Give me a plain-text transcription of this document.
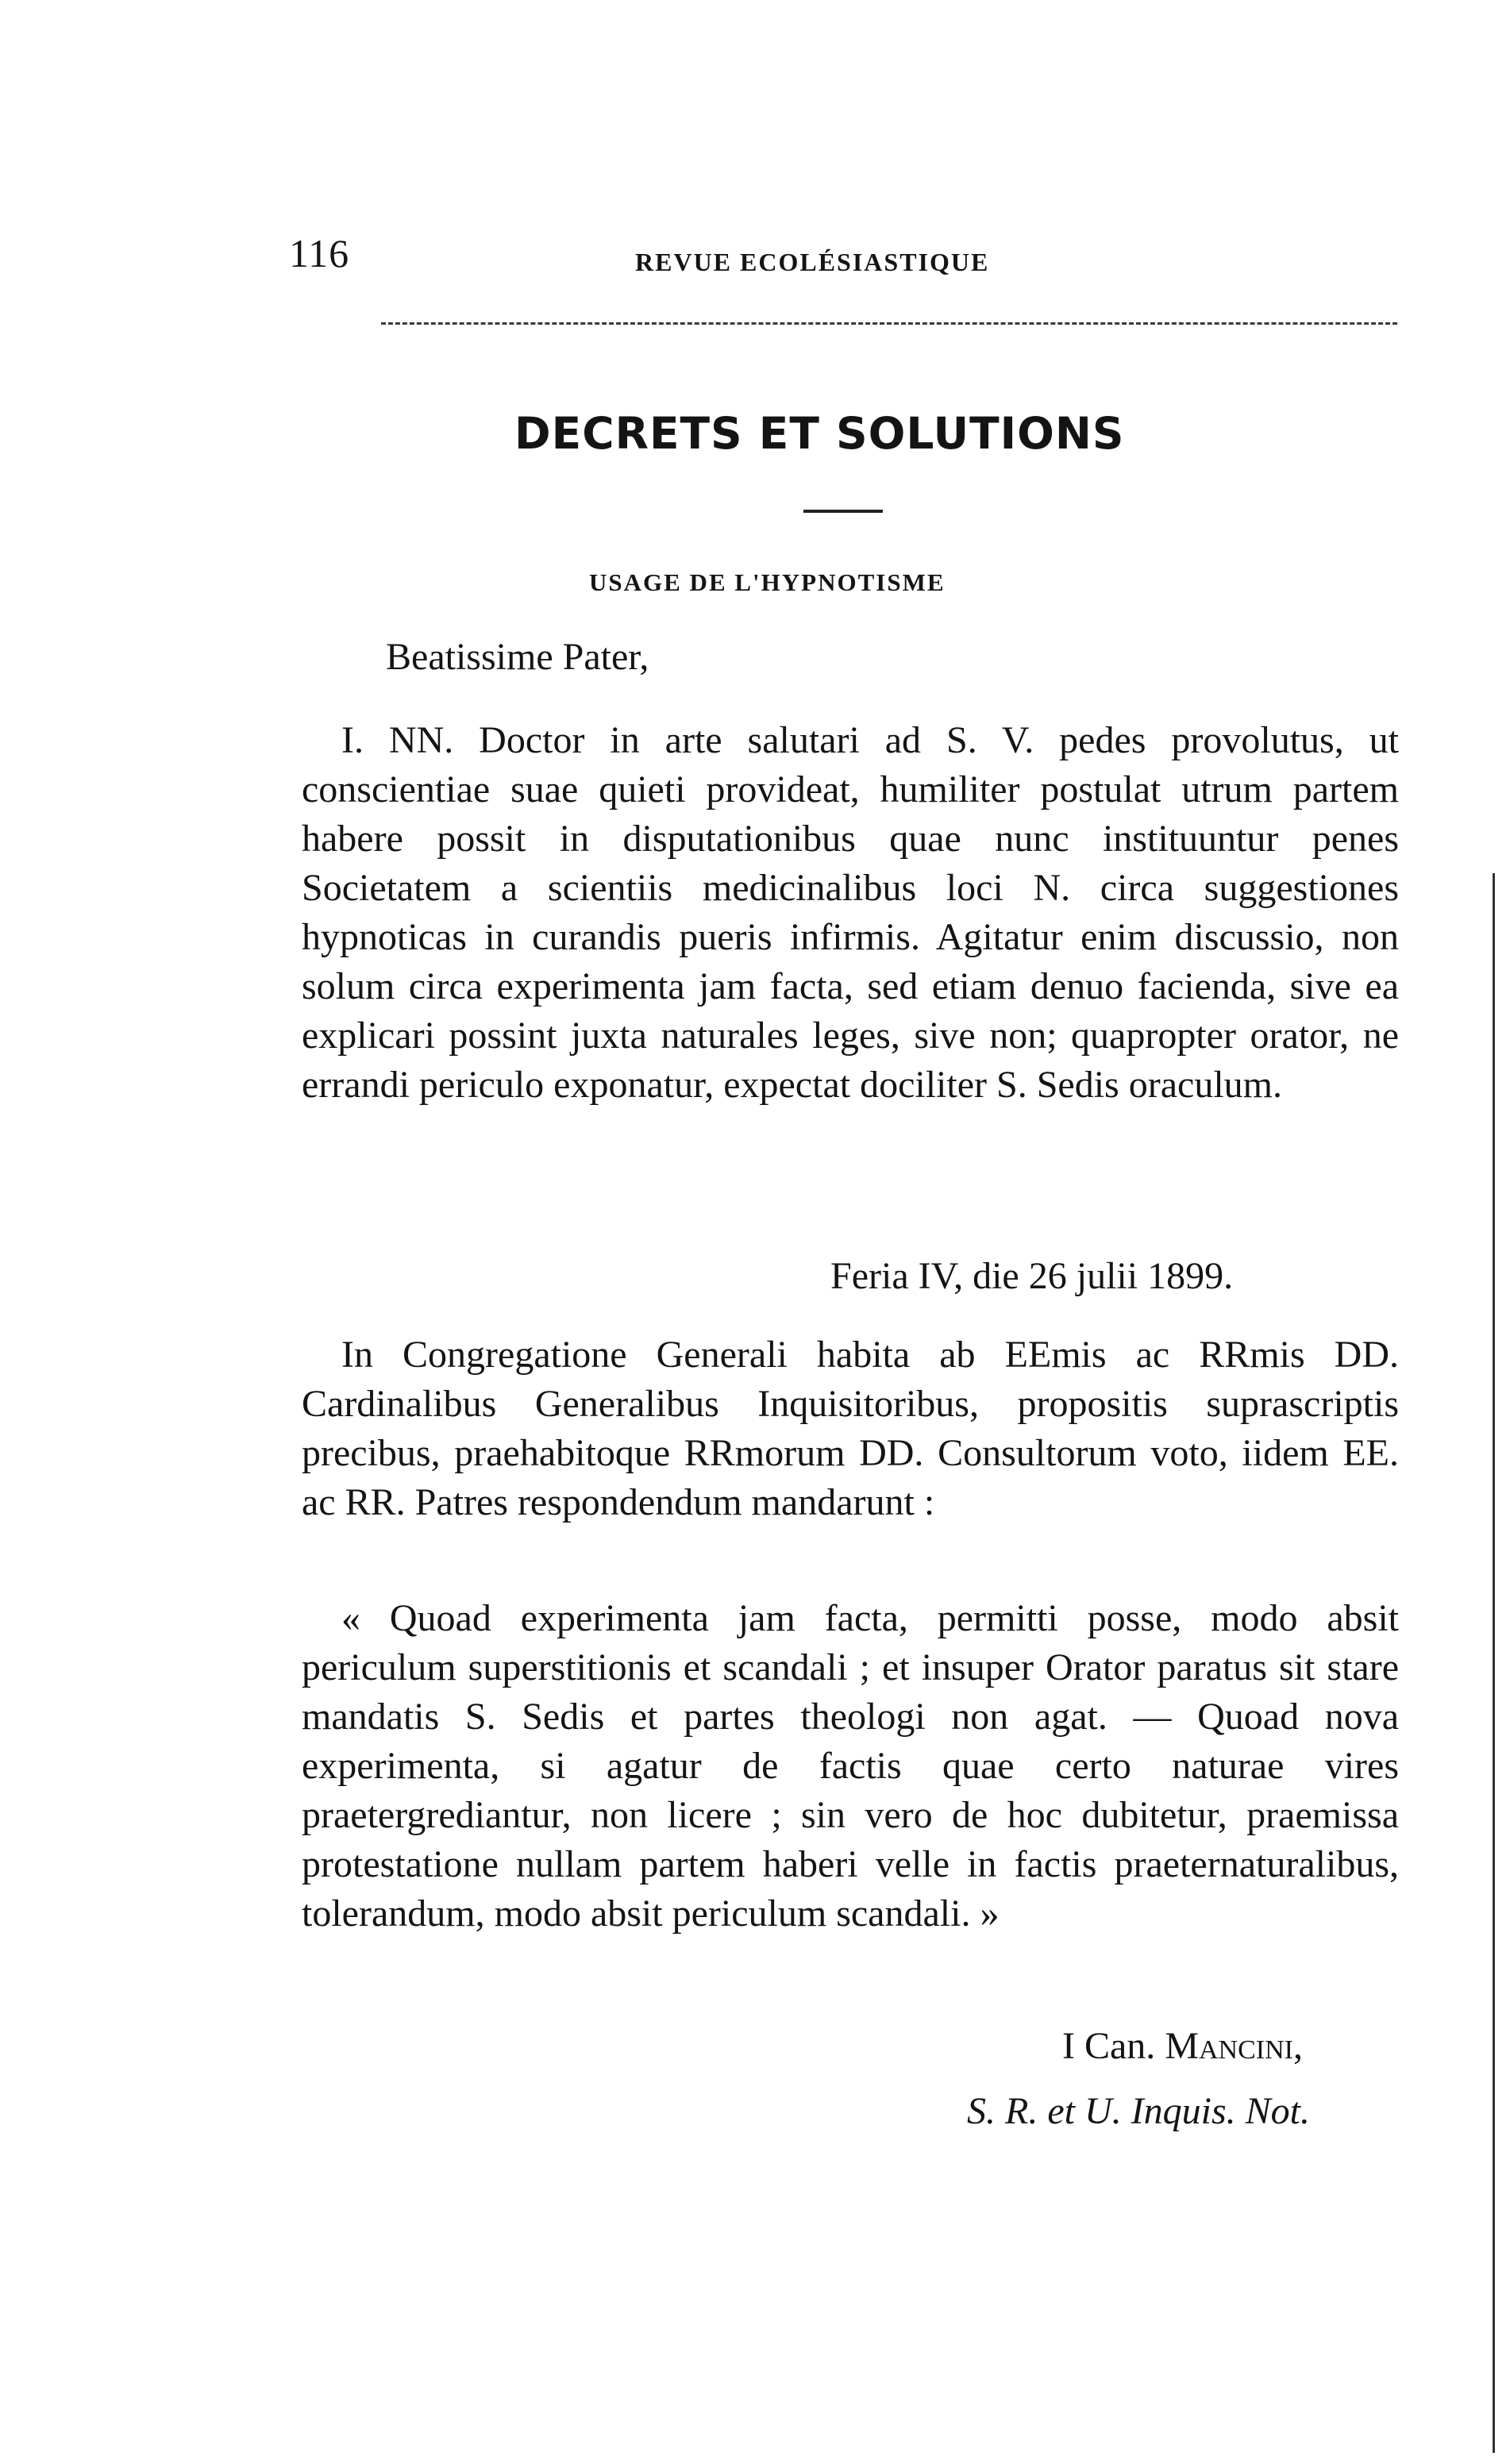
116	REVUE ECOLÉSIASTIQUE
DECRETS ET SOLUTIONS
USAGE DE L'HYPNOTISME
Beatissime Pater,

I. NN. Doctor in arte salutari ad S. V. pedes provolutus, ut conscientiae suae quieti provideat, humiliter postulat utrum partem habere possit in disputationibus quae nunc instituuntur penes Societatem a scientiis medicinalibus loci N. circa suggestiones hypnoticas in curandis pueris infirmis. Agitatur enim discussio, non solum circa experimenta jam facta, sed etiam denuo facienda, sive ea explicari possint juxta naturales leges, sive non; quapropter orator, ne errandi periculo exponatur, expectat dociliter S. Sedis oraculum.

Feria IV, die 26 julii 1899.

In Congregatione Generali habita ab EEmis ac RRmis DD. Cardinalibus Generalibus Inquisitoribus, propositis suprascriptis precibus, praehabitoque RRmorum DD. Consultorum voto, iidem EE. ac RR. Patres respondendum mandarunt :

« Quoad experimenta jam facta, permitti posse, modo absit periculum superstitionis et scandali ; et insuper Orator paratus sit stare mandatis S. Sedis et partes theologi non agat. — Quoad nova experimenta, si agatur de factis quae certo naturae vires praetergrediantur, non licere ; sin vero de hoc dubitetur, praemissa protestatione nullam partem haberi velle in factis praeternaturalibus, tolerandum, modo absit periculum scandali. »

I Can. Mancini,
S. R. et U. Inquis. Not.
